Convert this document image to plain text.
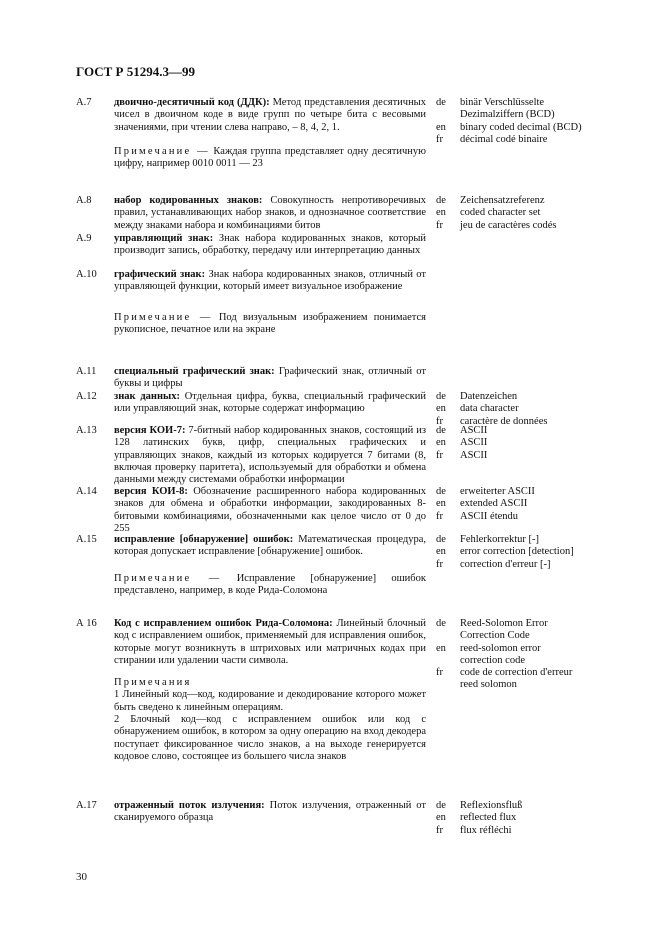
ГОСТ Р 51294.3—99
А.7 двоично-десятичный код (ДДК): Метод представления десятичных чисел в двоичном коде в виде групп по четыре бита с весовыми значениями, при чтении слева направо, – 8, 4, 2, 1.

Примечание — Каждая группа представляет одну десятичную цифру, например 0010 0011 — 23

de	binär Verschlüsselte
Dezimalziffern (BCD)
en	binary coded decimal (BCD)
fr	décimal codé binaire
А.8 набор кодированных знаков: Совокупность непротиворечивых правил, устанавливающих набор знаков, и однозначное соответствие между знаками набора и комбинациями битов

de	Zeichensatzreferenz
en	coded character set
fr	jeu de caractères codés
А.9 управляющий знак: Знак набора кодированных знаков, который производит запись, обработку, передачу или интерпретацию данных

А.10 графический знак: Знак набора кодированных знаков, отличный от управляющей функции, который имеет визуальное изображение

Примечание — Под визуальным изображением понимается рукописное, печатное или на экране

А.11 специальный графический знак: Графический знак, отличный от буквы и цифры

А.12 знак данных: Отдельная цифра, буква, специальный графический или управляющий знак, которые содержат информацию

de	Datenzeichen
en	data character
fr	caractère de données
А.13 версия КОИ-7: 7-битный набор кодированных знаков, состоящий из 128 латинских букв, цифр, специальных графических и управляющих знаков, каждый из которых кодируется 7 битами (8, включая проверку паритета), используемый для обработки и обмена данными между системами обработки информации

de	ASCII
en	ASCII
fr	ASCII
А.14 версия КОИ-8: Обозначение расширенного набора кодированных знаков для обмена и обработки информации, закодированных 8-битовыми комбинациями, обозначенными как целое число от 0 до 255

de	erweiterter ASCII
en	extended ASCII
fr	ASCII étendu
А.15 исправление [обнаружение] ошибок: Математическая процедура, которая допускает исправление [обнаружение] ошибок.

Примечание — Исправление [обнаружение] ошибок представлено, например, в коде Рида-Соломона

de	Fehlerkorrektur [-]
en	error correction [detection]
fr	correction d'erreur [-]
А 16 Код с исправлением ошибок Рида-Соломона: Линейный блочный код с исправлением ошибок, применяемый для исправления ошибок, которые могут возникнуть в штриховых или матричных кодах при стирании или удалении части символа.

Примечания

1 Линейный код—код, кодирование и декодирование которого может быть сведено к линейным операциям.

2 Блочный код—код с исправлением ошибок или код с обнаружением ошибок, в котором за одну операцию на вход декодера поступает фиксированное число знаков, а на выходе генерируется кодовое слово, состоящее из большего числа знаков

de	Reed-Solomon Error
Correction Code
en	reed-solomon error
correction code
fr	code de correction d'erreur
reed solomon
А.17 отраженный поток излучения: Поток излучения, отраженный от сканируемого образца

de	Reflexionsfluß
en	reflected flux
fr	flux réfléchi
30
